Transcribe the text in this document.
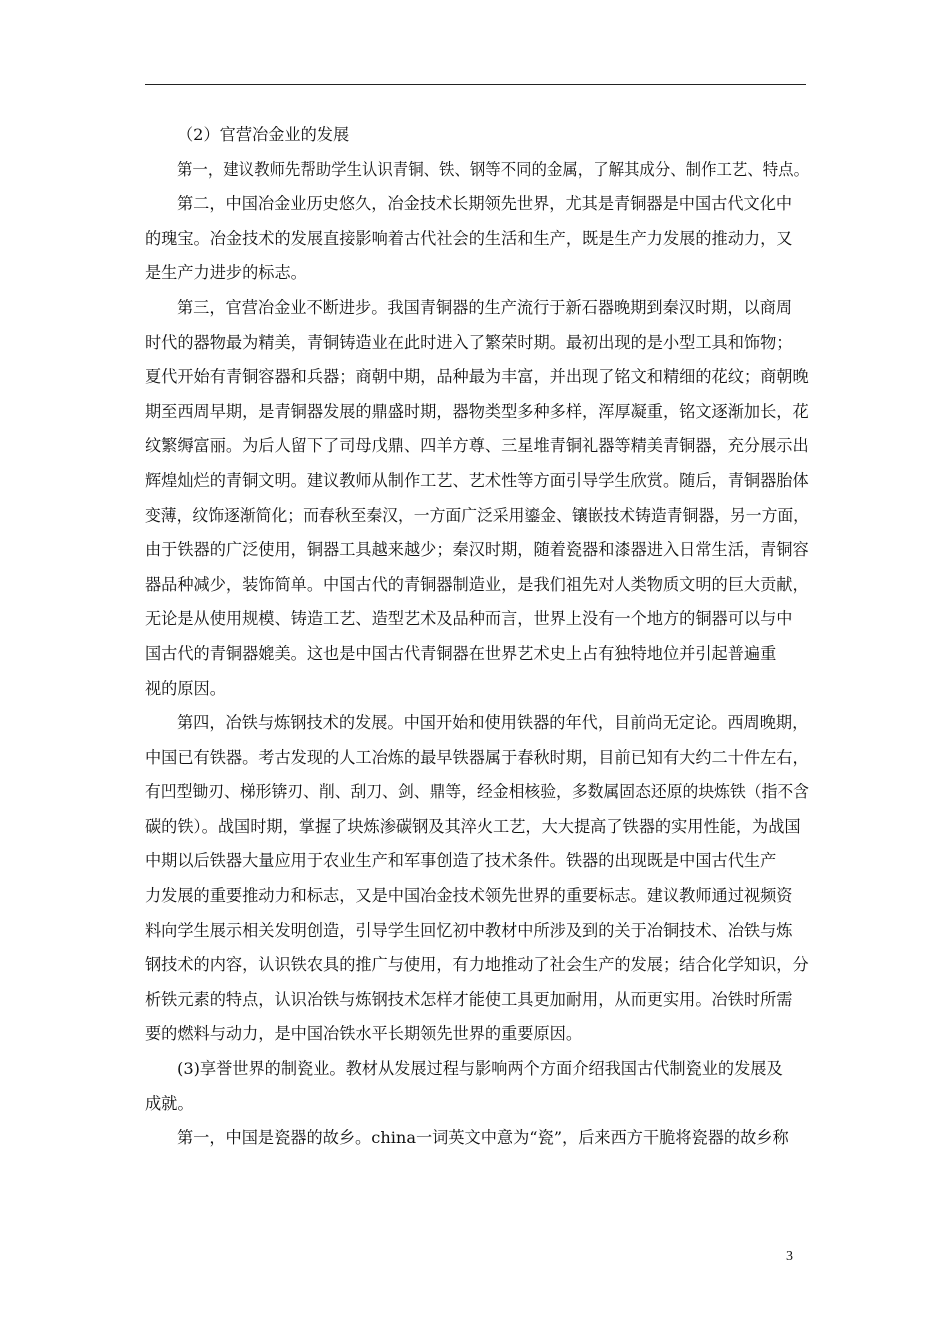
（2）官营冶金业的发展
第一，建议教师先帮助学生认识青铜、铁、钢等不同的金属，了解其成分、制作工艺、特点。
第二，中国冶金业历史悠久，冶金技术长期领先世界，尤其是青铜器是中国古代文化中
的瑰宝。冶金技术的发展直接影响着古代社会的生活和生产，既是生产力发展的推动力，又
是生产力进步的标志。
第三，官营冶金业不断进步。我国青铜器的生产流行于新石器晚期到秦汉时期，以商周
时代的器物最为精美，青铜铸造业在此时进入了繁荣时期。最初出现的是小型工具和饰物；
夏代开始有青铜容器和兵器；商朝中期，品种最为丰富，并出现了铭文和精细的花纹；商朝晚
期至西周早期，是青铜器发展的鼎盛时期，器物类型多种多样，浑厚凝重，铭文逐渐加长，花
纹繁缛富丽。为后人留下了司母戊鼎、四羊方尊、三星堆青铜礼器等精美青铜器，充分展示出
辉煌灿烂的青铜文明。建议教师从制作工艺、艺术性等方面引导学生欣赏。随后，青铜器胎体
变薄，纹饰逐渐简化；而春秋至秦汉，一方面广泛采用鎏金、镶嵌技术铸造青铜器，另一方面，
由于铁器的广泛使用，铜器工具越来越少；秦汉时期，随着瓷器和漆器进入日常生活，青铜容
器品种减少，装饰简单。中国古代的青铜器制造业，是我们祖先对人类物质文明的巨大贡献，
无论是从使用规模、铸造工艺、造型艺术及品种而言，世界上没有一个地方的铜器可以与中
国古代的青铜器媲美。这也是中国古代青铜器在世界艺术史上占有独特地位并引起普遍重
视的原因。
第四，冶铁与炼钢技术的发展。中国开始和使用铁器的年代，目前尚无定论。西周晚期，
中国已有铁器。考古发现的人工冶炼的最早铁器属于春秋时期，目前已知有大约二十件左右，
有凹型锄刃、梯形锛刃、削、刮刀、剑、鼎等，经金相核验，多数属固态还原的块炼铁（指不含
碳的铁）。战国时期，掌握了块炼渗碳钢及其淬火工艺，大大提高了铁器的实用性能，为战国
中期以后铁器大量应用于农业生产和军事创造了技术条件。铁器的出现既是中国古代生产
力发展的重要推动力和标志，又是中国冶金技术领先世界的重要标志。建议教师通过视频资
料向学生展示相关发明创造，引导学生回忆初中教材中所涉及到的关于冶铜技术、冶铁与炼
钢技术的内容，认识铁农具的推广与使用，有力地推动了社会生产的发展；结合化学知识，分
析铁元素的特点，认识冶铁与炼钢技术怎样才能使工具更加耐用，从而更实用。冶铁时所需
要的燃料与动力，是中国冶铁水平长期领先世界的重要原因。
(3)享誉世界的制瓷业。教材从发展过程与影响两个方面介绍我国古代制瓷业的发展及
成就。
第一，中国是瓷器的故乡。china一词英文中意为“瓷”，后来西方干脆将瓷器的故乡称
3
